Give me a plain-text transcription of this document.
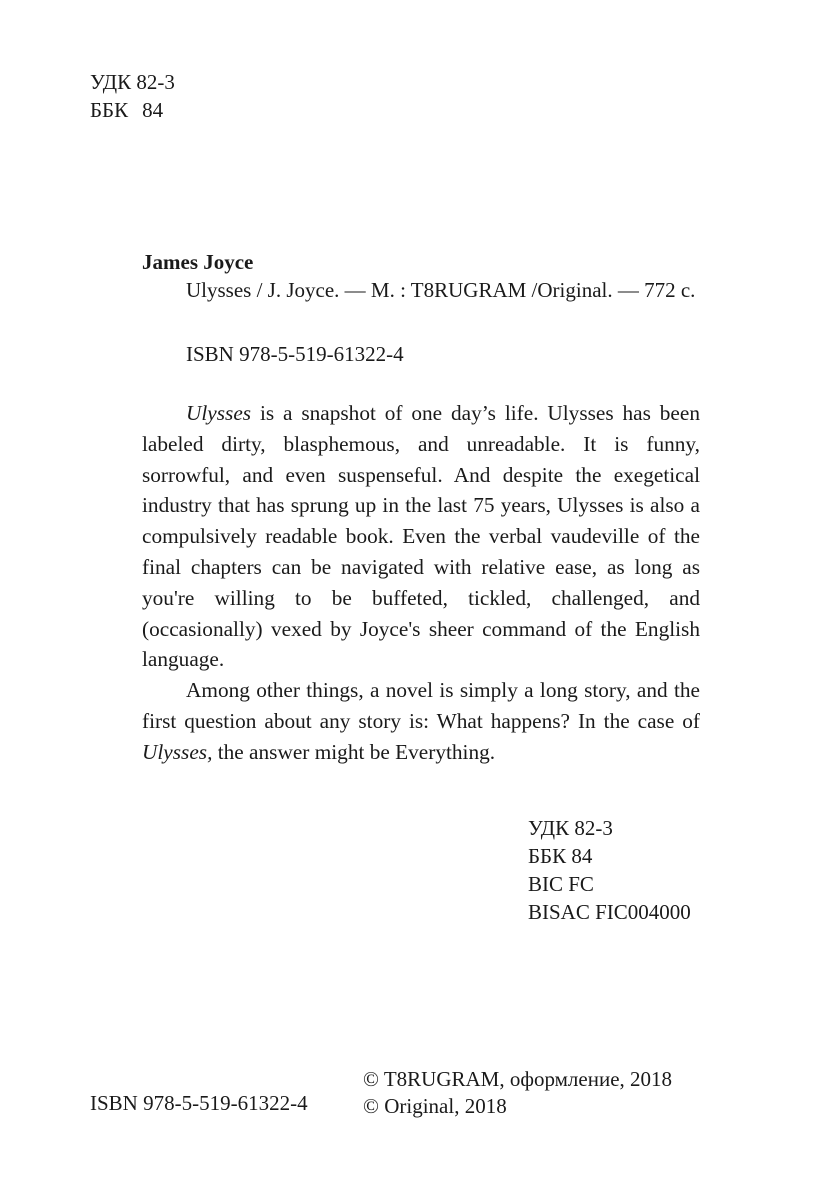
УДК 82-3
ББК 84
James Joyce
Ulysses / J. Joyce. — M. : T8RUGRAM /Original. — 772 c.
ISBN 978-5-519-61322-4

Ulysses is a snapshot of one day’s life. Ulysses has been labeled dirty, blasphemous, and unreadable. It is funny, sorrowful, and even suspenseful. And despite the exegetical industry that has sprung up in the last 75 years, Ulysses is also a compulsively readable book. Even the verbal vaudeville of the final chapters can be navigated with relative ease, as long as you're willing to be buffeted, tickled, challenged, and (occasionally) vexed by Joyce's sheer command of the English language.

Among other things, a novel is simply a long story, and the first question about any story is: What happens? In the case of Ulysses, the answer might be Everything.

УДК 82-3
ББК 84
BIC FC
BISAC FIC004000
ISBN 978-5-519-61322-4
© T8RUGRAM, оформление, 2018
© Original, 2018
